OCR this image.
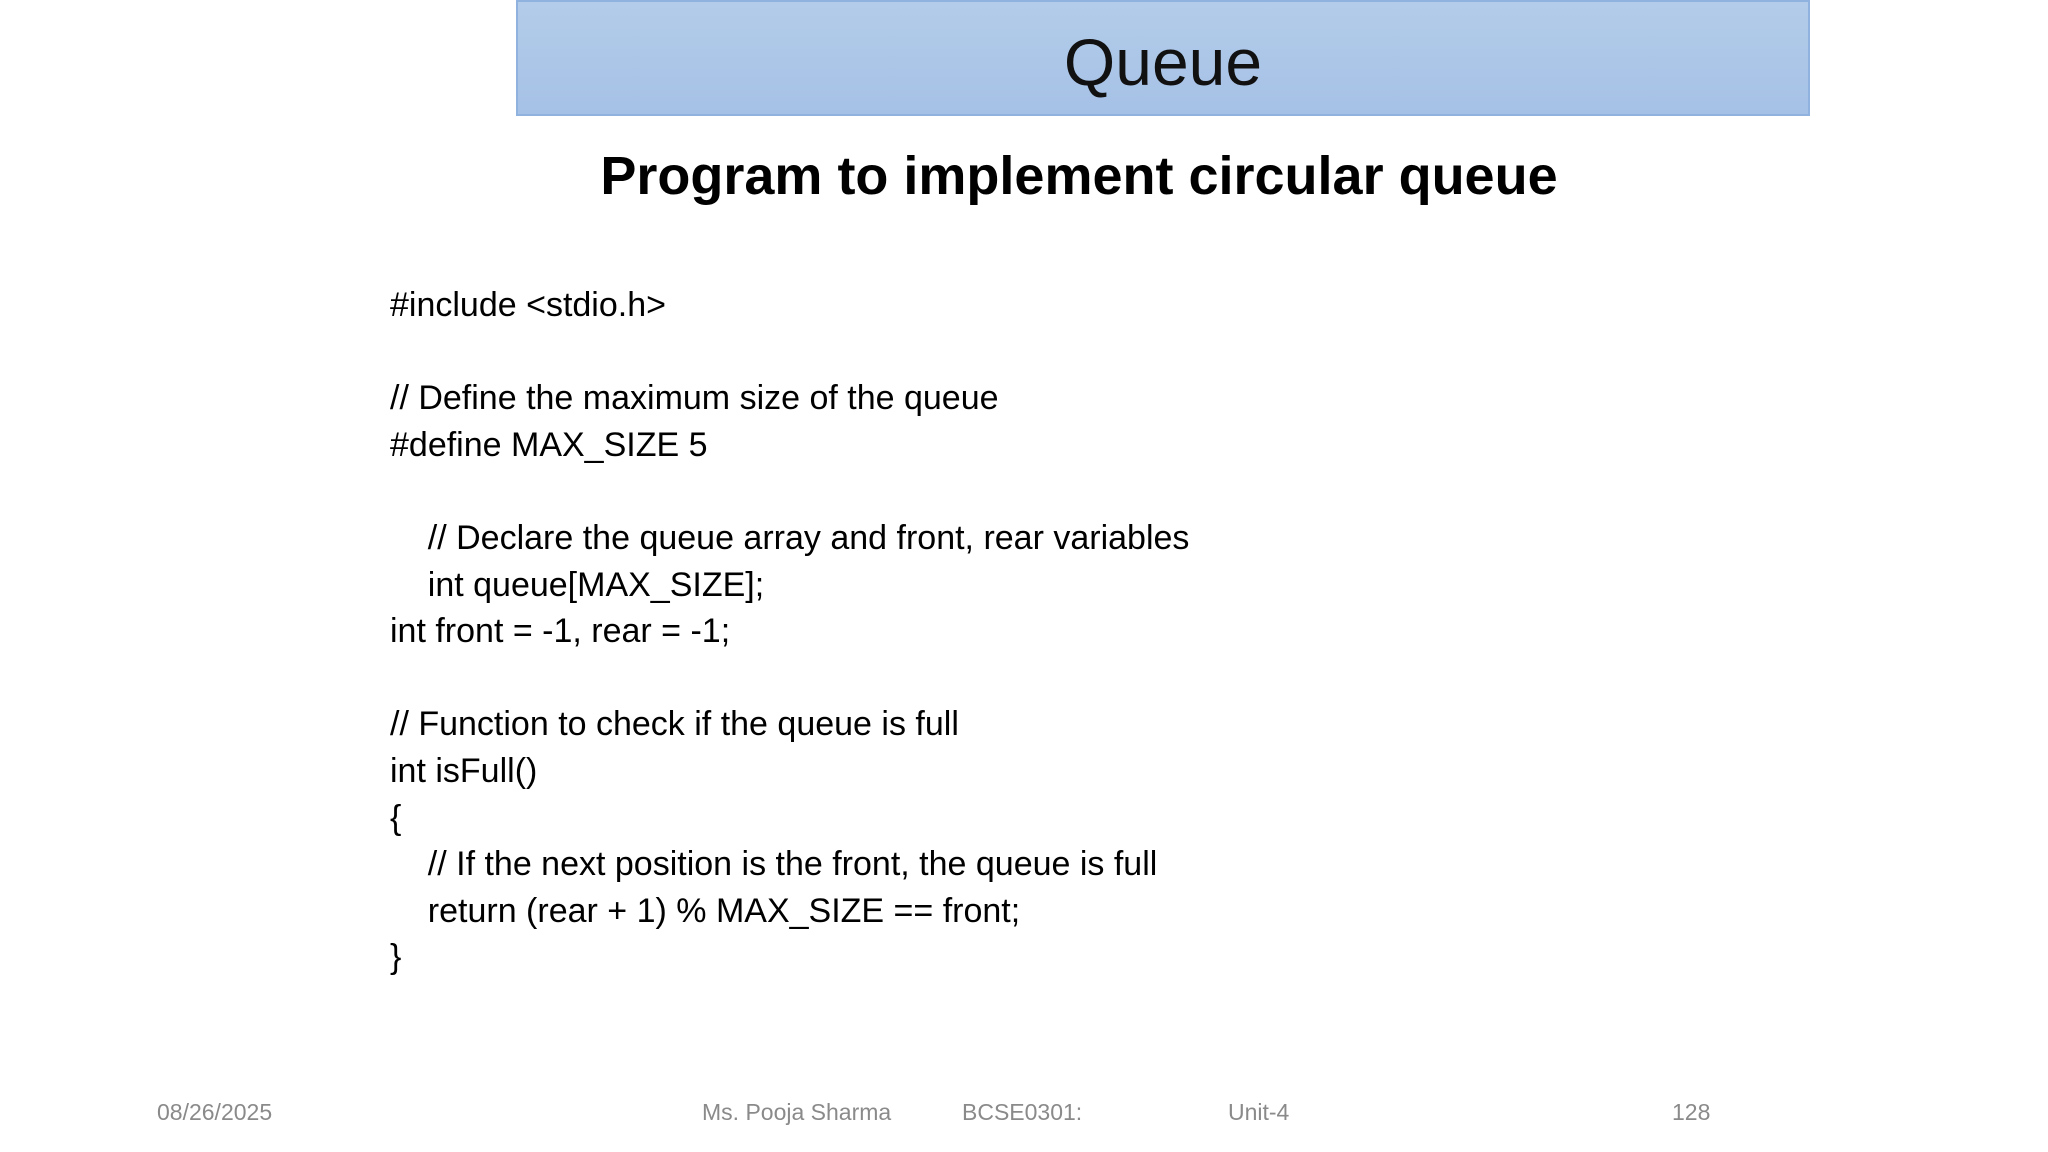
Queue
Program to implement circular queue
#include <stdio.h>
// Define the maximum size of the queue
#define MAX_SIZE 5
// Declare the queue array and front, rear variables
int queue[MAX_SIZE];
int front = -1, rear = -1;
// Function to check if the queue is full
int isFull()
{
// If the next position is the front, the queue is full
return (rear + 1) % MAX_SIZE == front;
}
08/26/2025	Ms. Pooja Sharma	BCSE0301:	Unit-4	128
